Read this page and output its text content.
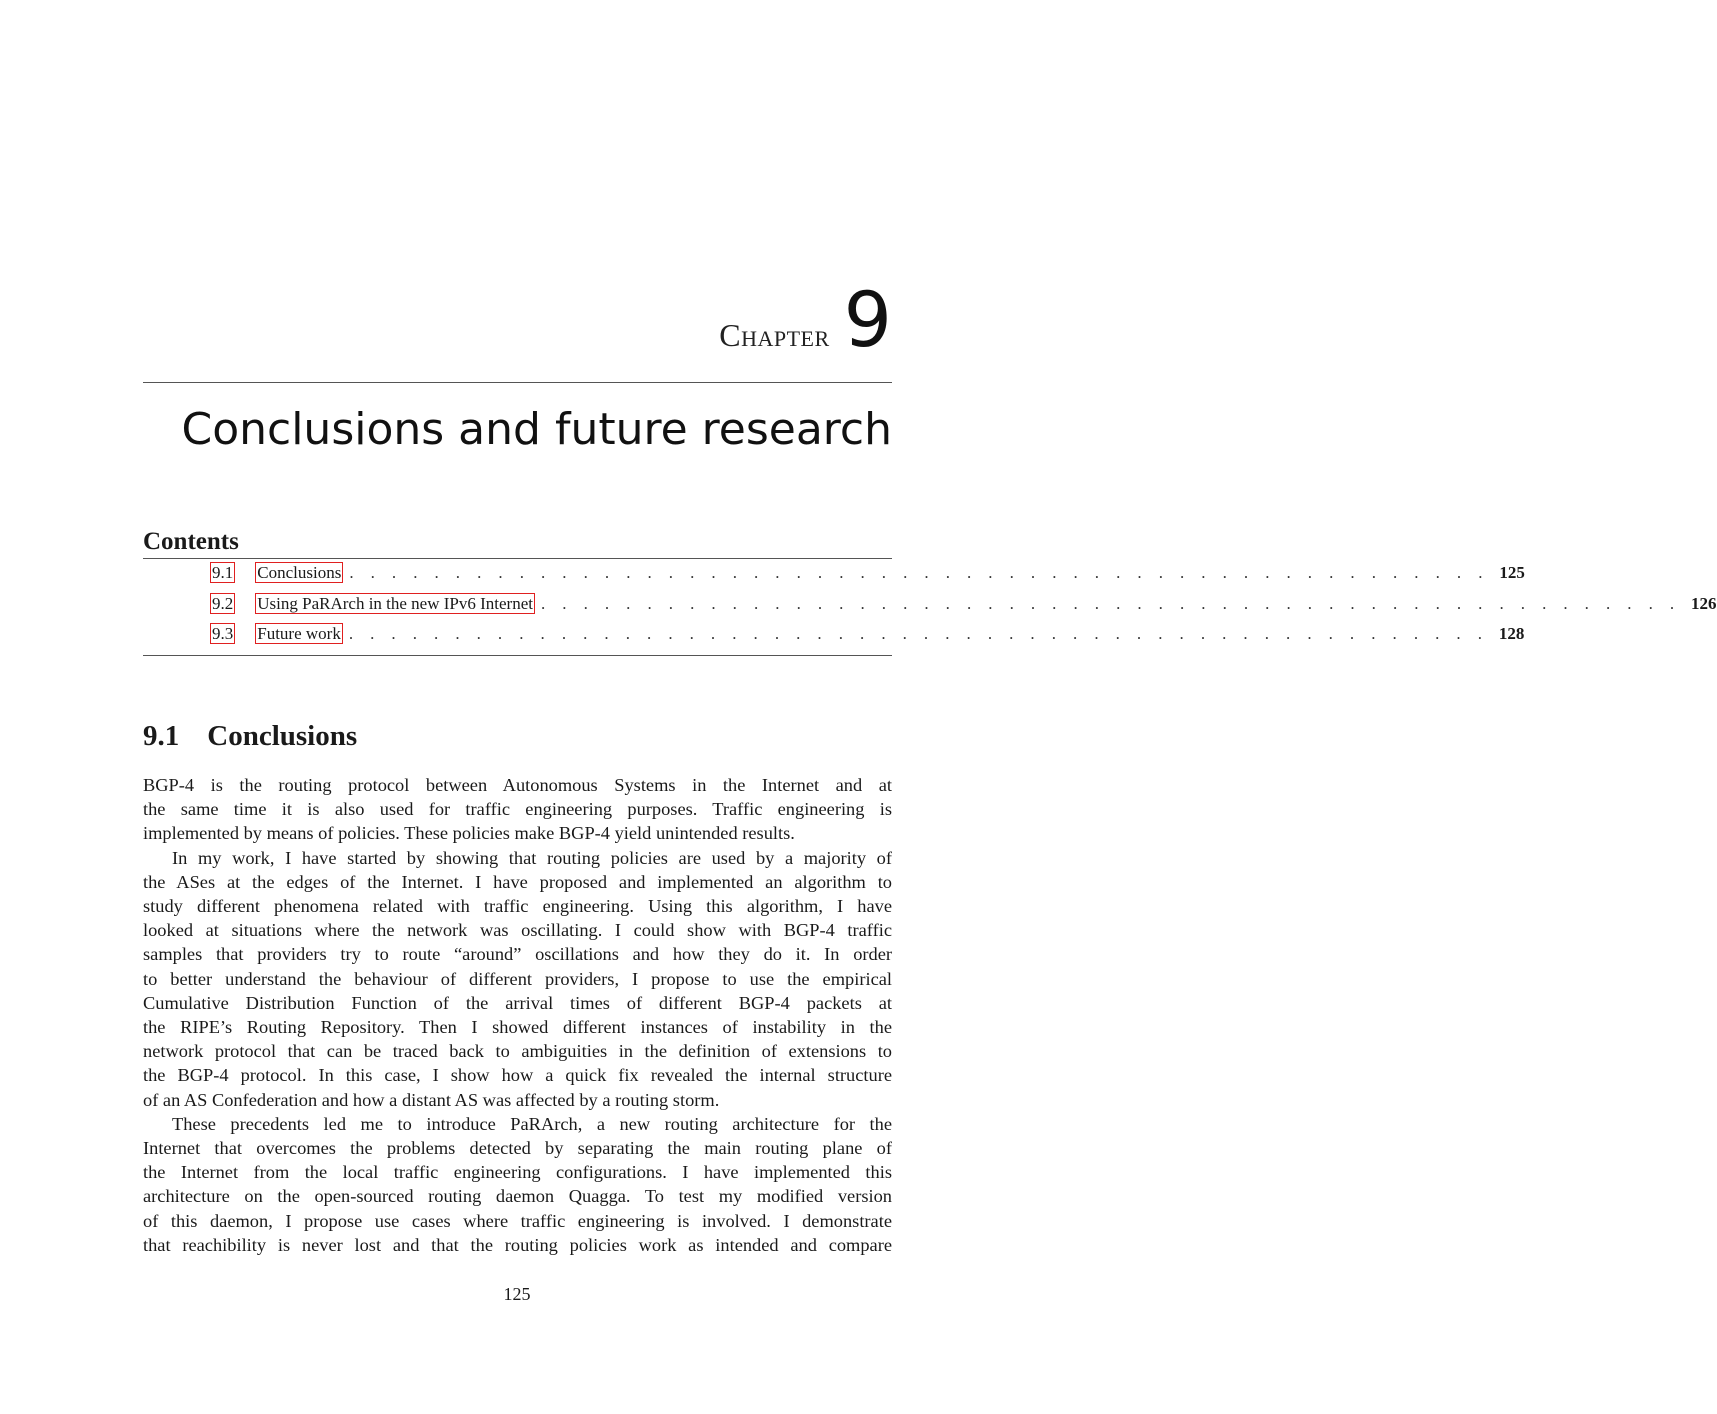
Chapter 9
Conclusions and future research
Contents
9.1 Conclusions . . . . . . . . . . . . . . . . . . . . . . . . . . . . . . . . . . . . . . . . . . . . . . . . . . . . . . 125
9.2 Using PaRArch in the new IPv6 Internet . . . . . . . . . . . . . . . . . . . . . . . . . . . . . . . . . . . . . . . . . . . . . . . . . . . . . . 126
9.3 Future work . . . . . . . . . . . . . . . . . . . . . . . . . . . . . . . . . . . . . . . . . . . . . . . . . . . . . . 128
9.1 Conclusions

BGP-4 is the routing protocol between Autonomous Systems in the Internet and at

the same time it is also used for traffic engineering purposes. Traffic engineering is

implemented by means of policies. These policies make BGP-4 yield unintended results.

In my work, I have started by showing that routing policies are used by a majority of

the ASes at the edges of the Internet. I have proposed and implemented an algorithm to

study different phenomena related with traffic engineering. Using this algorithm, I have

looked at situations where the network was oscillating. I could show with BGP-4 traffic

samples that providers try to route “around” oscillations and how they do it. In order

to better understand the behaviour of different providers, I propose to use the empirical

Cumulative Distribution Function of the arrival times of different BGP-4 packets at

the RIPE’s Routing Repository. Then I showed different instances of instability in the

network protocol that can be traced back to ambiguities in the definition of extensions to

the BGP-4 protocol. In this case, I show how a quick fix revealed the internal structure

of an AS Confederation and how a distant AS was affected by a routing storm.

These precedents led me to introduce PaRArch, a new routing architecture for the

Internet that overcomes the problems detected by separating the main routing plane of

the Internet from the local traffic engineering configurations. I have implemented this

architecture on the open-sourced routing daemon Quagga. To test my modified version

of this daemon, I propose use cases where traffic engineering is involved. I demonstrate

that reachibility is never lost and that the routing policies work as intended and compare

125
